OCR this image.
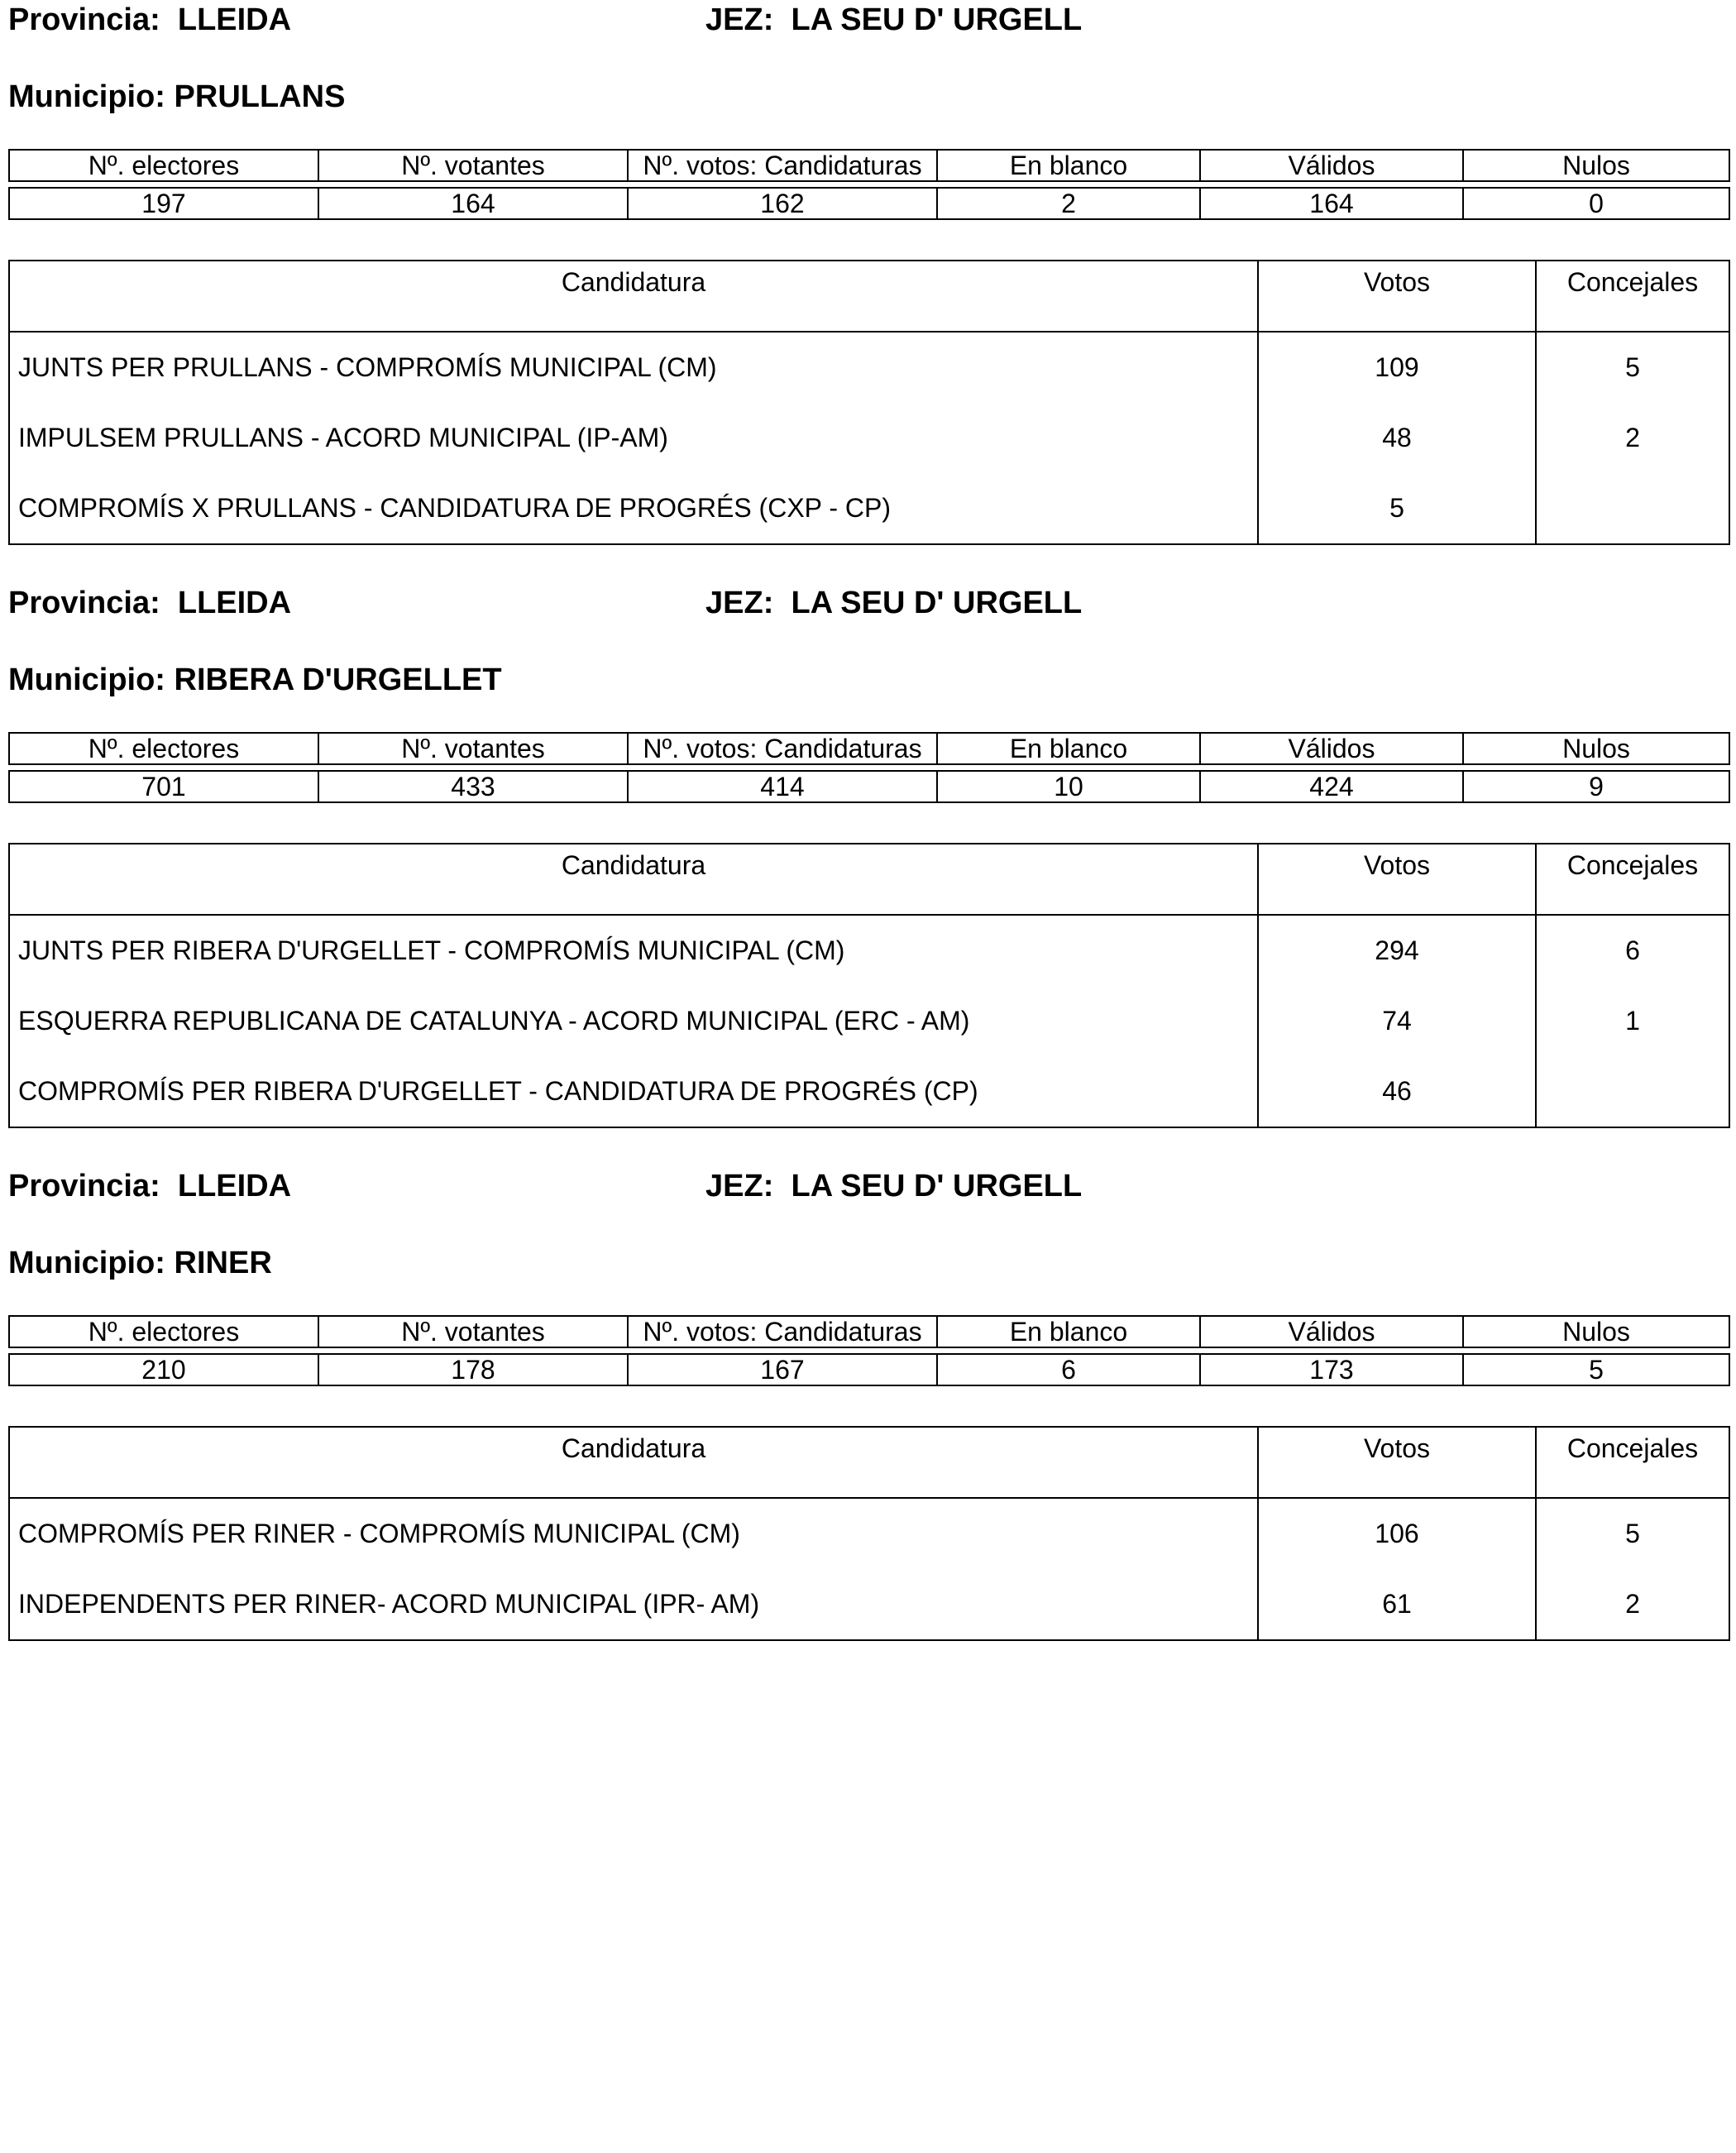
Provincia: LLEIDA	JEZ: LA SEU D' URGELL
Municipio: PRULLANS
Nº. electores	Nº. votantes	Nº. votos: Candidaturas	En blanco	Válidos	Nulos

197	164	162	2	164	0
Candidatura	Votos	Concejales
JUNTS PER PRULLANS - COMPROMÍS MUNICIPAL (CM)	109	5
IMPULSEM PRULLANS - ACORD MUNICIPAL (IP-AM)	48	2
COMPROMÍS X PRULLANS - CANDIDATURA DE PROGRÉS (CXP - CP)	5	
Provincia: LLEIDA	JEZ: LA SEU D' URGELL
Municipio: RIBERA D'URGELLET
Nº. electores	Nº. votantes	Nº. votos: Candidaturas	En blanco	Válidos	Nulos

701	433	414	10	424	9
Candidatura	Votos	Concejales
JUNTS PER RIBERA D'URGELLET - COMPROMÍS MUNICIPAL (CM)	294	6
ESQUERRA REPUBLICANA DE CATALUNYA - ACORD MUNICIPAL (ERC - AM)	74	1
COMPROMÍS PER RIBERA D'URGELLET - CANDIDATURA DE PROGRÉS (CP)	46	
Provincia: LLEIDA	JEZ: LA SEU D' URGELL
Municipio: RINER
Nº. electores	Nº. votantes	Nº. votos: Candidaturas	En blanco	Válidos	Nulos

210	178	167	6	173	5
Candidatura	Votos	Concejales
COMPROMÍS PER RINER - COMPROMÍS MUNICIPAL (CM)	106	5
INDEPENDENTS PER RINER- ACORD MUNICIPAL (IPR- AM)	61	2
